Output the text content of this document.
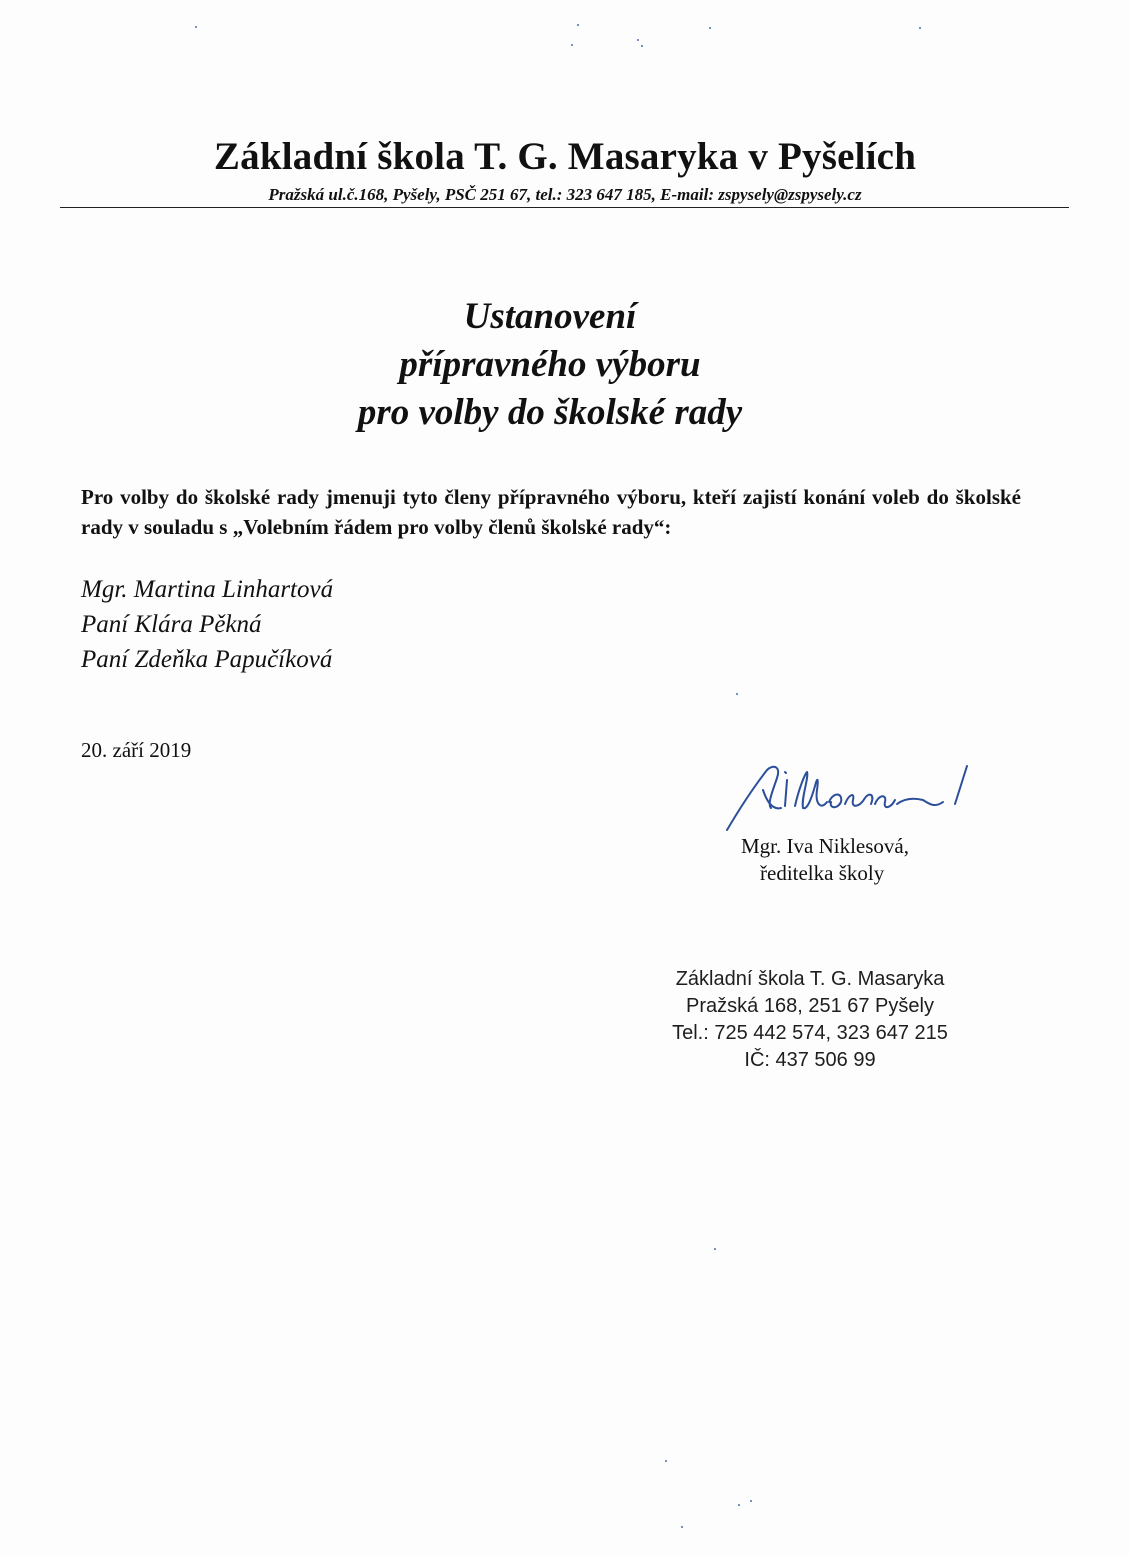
Základní škola T. G. Masaryka v Pyšelích

Pražská ul.č.168, Pyšely, PSČ 251 67, tel.: 323 647 185, E-mail: zspysely@zspysely.cz

Ustanovení
přípravného výboru
pro volby do školské rady

Pro volby do školské rady jmenuji tyto členy přípravného výboru, kteří zajistí konání voleb do školské rady v souladu s „Volebním řádem pro volby členů školské rady“:

Mgr. Martina Linhartová
Paní Klára Pěkná
Paní Zdeňka Papučíková

20. září 2019

Mgr. Iva Niklesová,

ředitelka školy

Základní škola T. G. Masaryka
Pražská 168, 251 67 Pyšely
Tel.: 725 442 574, 323 647 215
IČ: 437 506 99
